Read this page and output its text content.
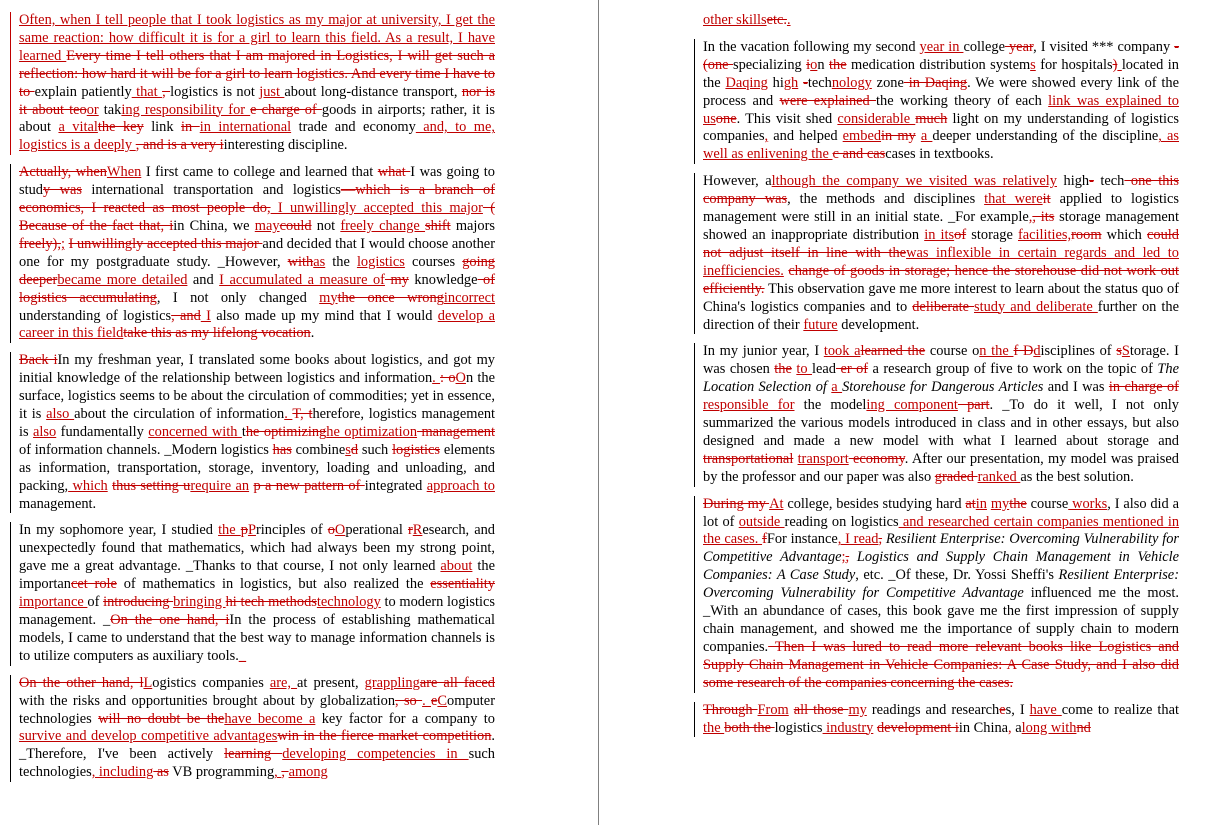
Often, when I tell people that I took logistics as my major at university, I get the same reaction: how difficult it is for a girl to learn this field. As a result, I have learned Every time I tell others that I am majored in Logistics, I will get such a reflection: how hard it will be for a girl to learn logistics. And every time I have to to explain patiently that , logistics is not just about long-distance transport, nor is it about teoor taking responsibility for e charge of goods in airports; rather, it is about a vitalthe key link in in international trade and economy and, to me, logistics is a deeply , and is a very iinteresting discipline.

Actually, whenWhen I first came to college and learned that what I was going to study was international transportation and logistics—which is a branch of economics, I reacted as most people do, I unwillingly accepted this major ( Because of the fact that, iin China, we maycould not freely change shift majors freely),; I unwillingly accepted this major and decided that I would choose another one for my postgraduate study. _However, withas the logistics courses going deeperbecame more detailed and I accumulated a measure of my knowledge of logistics accumulating, I not only changed mythe once wrongincorrect understanding of logistics, and I also made up my mind that I would develop a career in this fieldtake this as my lifelong vocation.

Back iIn my freshman year, I translated some books about logistics, and got my initial knowledge of the relationship between logistics and information. : oOn the surface, logistics seems to be about the circulation of commodities; yet in essence, it is also about the circulation of information. T, therefore, logistics management is also fundamentally concerned with the optimizinghe optimization management of information channels. _Modern logistics has combinesd such logistics elements as information, transportation, storage, inventory, loading and unloading, and packing, which thus setting urequire an p a new pattern of integrated approach to management.

In my sophomore year, I studied the pPrinciples of oOperational rResearch, and unexpectedly found that mathematics, which had always been my strong point, gave me a great advantage. _Thanks to that course, I not only learned about the importancet role of mathematics in logistics, but also realized the essentiality importance of introducing bringing hi tech methodstechnology to modern logistics management. _On the one hand, iIn the process of establishing mathematical models, I came to understand that the best way to manage information channels is to utilize computers as auxiliary tools._

On the other hand, lLogistics companies are, at present, grapplingare all faced with the risks and opportunities brought about by globalization, so . eComputer technologies will no doubt be thehave become a key factor for a company to survive and develop competitive advantageswin in the fierce market competition. _Therefore, I've been actively learning developing competencies in such technologies, including as VB programming, , among

other skillsetc..

In the vacation following my second year in college year, I visited *** company - (one specializing ion the medication distribution systems for hospitals) located in the Daqing high -technology zone in Daqing. We were showed every link of the process and were explained the working theory of each link was explained to usone. This visit shed considerable much light on my understanding of logistics companies, and helped embedin my a deeper understanding of the discipline, as well as enlivening the c and cascases in textbooks.

However, although the company we visited was relatively high- tech one this company was, the methods and disciplines that wereit applied to logistics management were still in an initial state. _For example,, its storage management showed an inappropriate distribution in itsof storage facilities,room which could not adjust itself in line with thewas inflexible in certain regards and led to inefficiencies. change of goods in storage; hence the storehouse did not work out efficiently. This observation gave me more interest to learn about the status quo of China's logistics companies and to deliberate study and deliberate further on the direction of their future development.

In my junior year, I took alearned the course on the f Ddisciplines of sStorage. I was chosen the to lead er of a research group of five to work on the topic of The Location Selection of a Storehouse for Dangerous Articles and I was in charge of responsible for the modeling component part. _To do it well, I not only summarized the various models introduced in class and in other essays, but also designed and made a new model with what I learned about storage and transportational transport economy. After our presentation, my model was praised by the professor and our paper was also graded ranked as the best solution.

During my At college, besides studying hard atin mythe course works, I also did a lot of outside reading on logistics and researched certain companies mentioned in the cases. fFor instance, I read, Resilient Enterprise: Overcoming Vulnerability for Competitive Advantage;, Logistics and Supply Chain Management in Vehicle Companies: A Case Study, etc. _Of these, Dr. Yossi Sheffi's Resilient Enterprise: Overcoming Vulnerability for Competitive Advantage influenced me the most. _With an abundance of cases, this book gave me the first impression of supply chain management, and showed me the importance of supply chain to modern companies. Then I was lured to read more relevant books like Logistics and Supply Chain Management in Vehicle Companies: A Case Study, and I also did some research of the companies concerning the cases.

Through From all those my readings and researches, I have come to realize that the both the logistics industry development iin China, along withnd
